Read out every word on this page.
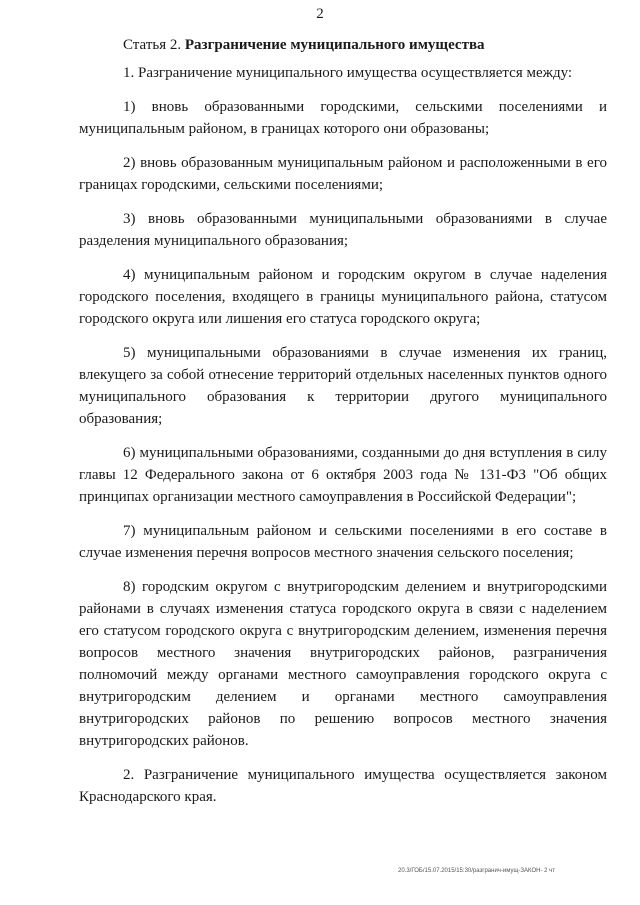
2
Статья 2. Разграничение муниципального имущества

1. Разграничение муниципального имущества осуществляется между:

1) вновь образованными городскими, сельскими поселениями и муниципальным районом, в границах которого они образованы;

2) вновь образованным муниципальным районом и расположенными в его границах городскими, сельскими поселениями;

3) вновь образованными муниципальными образованиями в случае разделения муниципального образования;

4) муниципальным районом и городским округом в случае наделения городского поселения, входящего в границы муниципального района, статусом городского округа или лишения его статуса городского округа;

5) муниципальными образованиями в случае изменения их границ, влекущего за собой отнесение территорий отдельных населенных пунктов одного муниципального образования к территории другого муниципального образования;

6) муниципальными образованиями, созданными до дня вступления в силу главы 12 Федерального закона от 6 октября 2003 года № 131-ФЗ "Об общих принципах организации местного самоуправления в Российской Федерации";

7) муниципальным районом и сельскими поселениями в его составе в случае изменения перечня вопросов местного значения сельского поселения;

8) городским округом с внутригородским делением и внутригородскими районами в случаях изменения статуса городского округа в связи с наделением его статусом городского округа с внутригородским делением, изменения перечня вопросов местного значения внутригородских районов, разграничения полномочий между органами местного самоуправления городского округа с внутригородским делением и органами местного самоуправления внутригородских районов по решению вопросов местного значения внутригородских районов.

2. Разграничение муниципального имущества осуществляется законом Краснодарского края.

20.3/ГОБ/15.07.2015/15:30/разгранич-имущ-ЗАКОН- 2 чт
